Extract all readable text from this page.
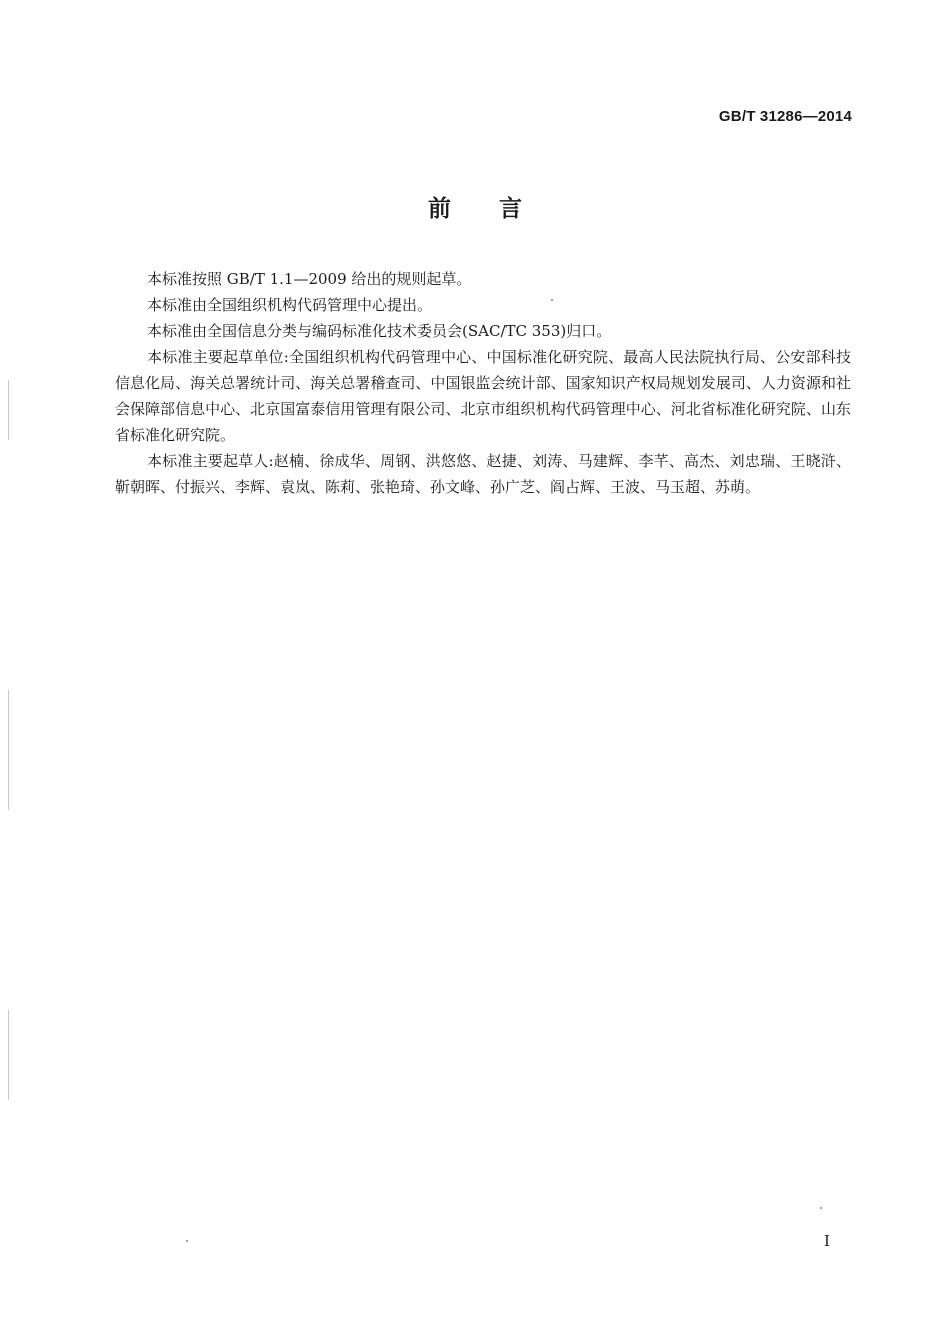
GB/T 31286—2014
前言

本标准按照 GB/T 1.1—2009 给出的规则起草。

本标准由全国组织机构代码管理中心提出。

本标准由全国信息分类与编码标准化技术委员会(SAC/TC 353)归口。

本标准主要起草单位:全国组织机构代码管理中心、中国标准化研究院、最高人民法院执行局、公安部科技信息化局、海关总署统计司、海关总署稽查司、中国银监会统计部、国家知识产权局规划发展司、人力资源和社会保障部信息中心、北京国富泰信用管理有限公司、北京市组织机构代码管理中心、河北省标准化研究院、山东省标准化研究院。

本标准主要起草人:赵楠、徐成华、周钢、洪悠悠、赵捷、刘涛、马建辉、李芊、高杰、刘忠瑞、王晓浒、靳朝晖、付振兴、李辉、袁岚、陈莉、张艳琦、孙文峰、孙广芝、阎占辉、王波、马玉超、苏萌。

I
